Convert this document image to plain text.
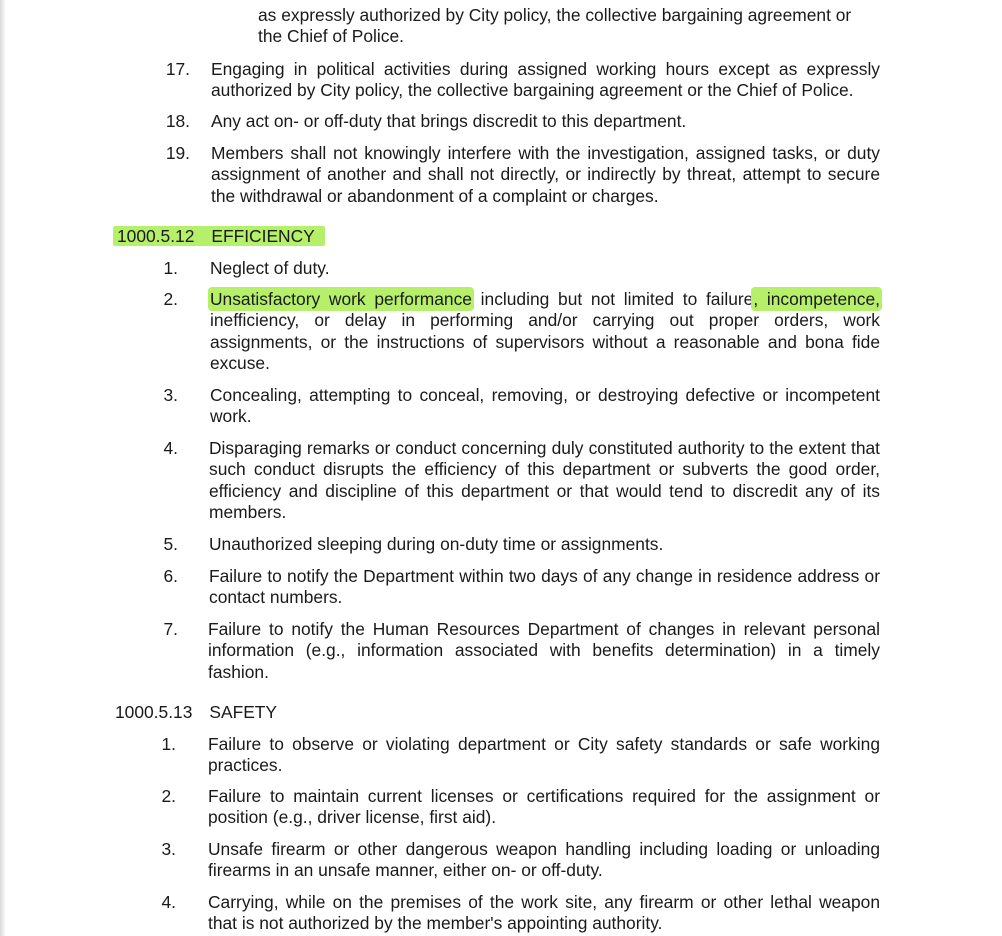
as expressly authorized by City policy, the collective bargaining agreement or
the Chief of Police.
17. Engaging in political activities during assigned working hours except as expressly authorized by City policy, the collective bargaining agreement or the Chief of Police.
18. Any act on- or off-duty that brings discredit to this department.
19. Members shall not knowingly interfere with the investigation, assigned tasks, or duty assignment of another and shall not directly, or indirectly by threat, attempt to secure the withdrawal or abandonment of a complaint or charges.
1000.5.12 EFFICIENCY
1. Neglect of duty.
2. Unsatisfactory work performance including but not limited to failure, incompetence, inefficiency, or delay in performing and/or carrying out proper orders, work assignments, or the instructions of supervisors without a reasonable and bona fide excuse.
3. Concealing, attempting to conceal, removing, or destroying defective or incompetent work.
4. Disparaging remarks or conduct concerning duly constituted authority to the extent that such conduct disrupts the efficiency of this department or subverts the good order, efficiency and discipline of this department or that would tend to discredit any of its members.
5. Unauthorized sleeping during on-duty time or assignments.
6. Failure to notify the Department within two days of any change in residence address or contact numbers.
7. Failure to notify the Human Resources Department of changes in relevant personal information (e.g., information associated with benefits determination) in a timely fashion.
1000.5.13 SAFETY
1. Failure to observe or violating department or City safety standards or safe working practices.
2. Failure to maintain current licenses or certifications required for the assignment or position (e.g., driver license, first aid).
3. Unsafe firearm or other dangerous weapon handling including loading or unloading firearms in an unsafe manner, either on- or off-duty.
4. Carrying, while on the premises of the work site, any firearm or other lethal weapon that is not authorized by the member's appointing authority.
